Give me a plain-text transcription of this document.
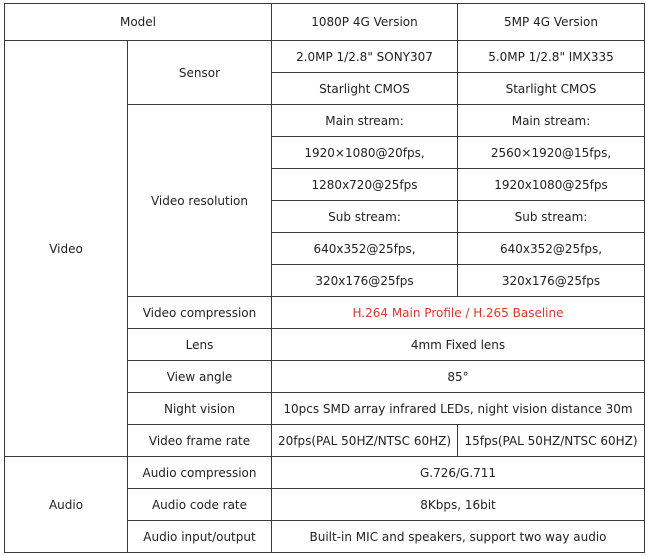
Model		1080P 4G Version	5MP 4G Version
Video	Sensor	2.0MP 1/2.8" SONY307	5.0MP 1/2.8" IMX335
		Starlight CMOS	Starlight CMOS
	Video resolution	Main stream:	Main stream:
		1920×1080@20fps,	2560×1920@15fps,
		1280x720@25fps	1920x1080@25fps
		Sub stream:	Sub stream:
		640x352@25fps,	640x352@25fps,
		320x176@25fps	320x176@25fps
	Video compression	H.264 Main Profile / H.265 Baseline	
	Lens	4mm Fixed lens	
	View angle	85°	
	Night vision	10pcs SMD array infrared LEDs, night vision distance 30m	
	Video frame rate	20fps(PAL 50HZ/NTSC 60HZ)	15fps(PAL 50HZ/NTSC 60HZ)
Audio	Audio compression	G.726/G.711	
	Audio code rate	8Kbps, 16bit	
	Audio input/output	Built-in MIC and speakers, support two way audio	
